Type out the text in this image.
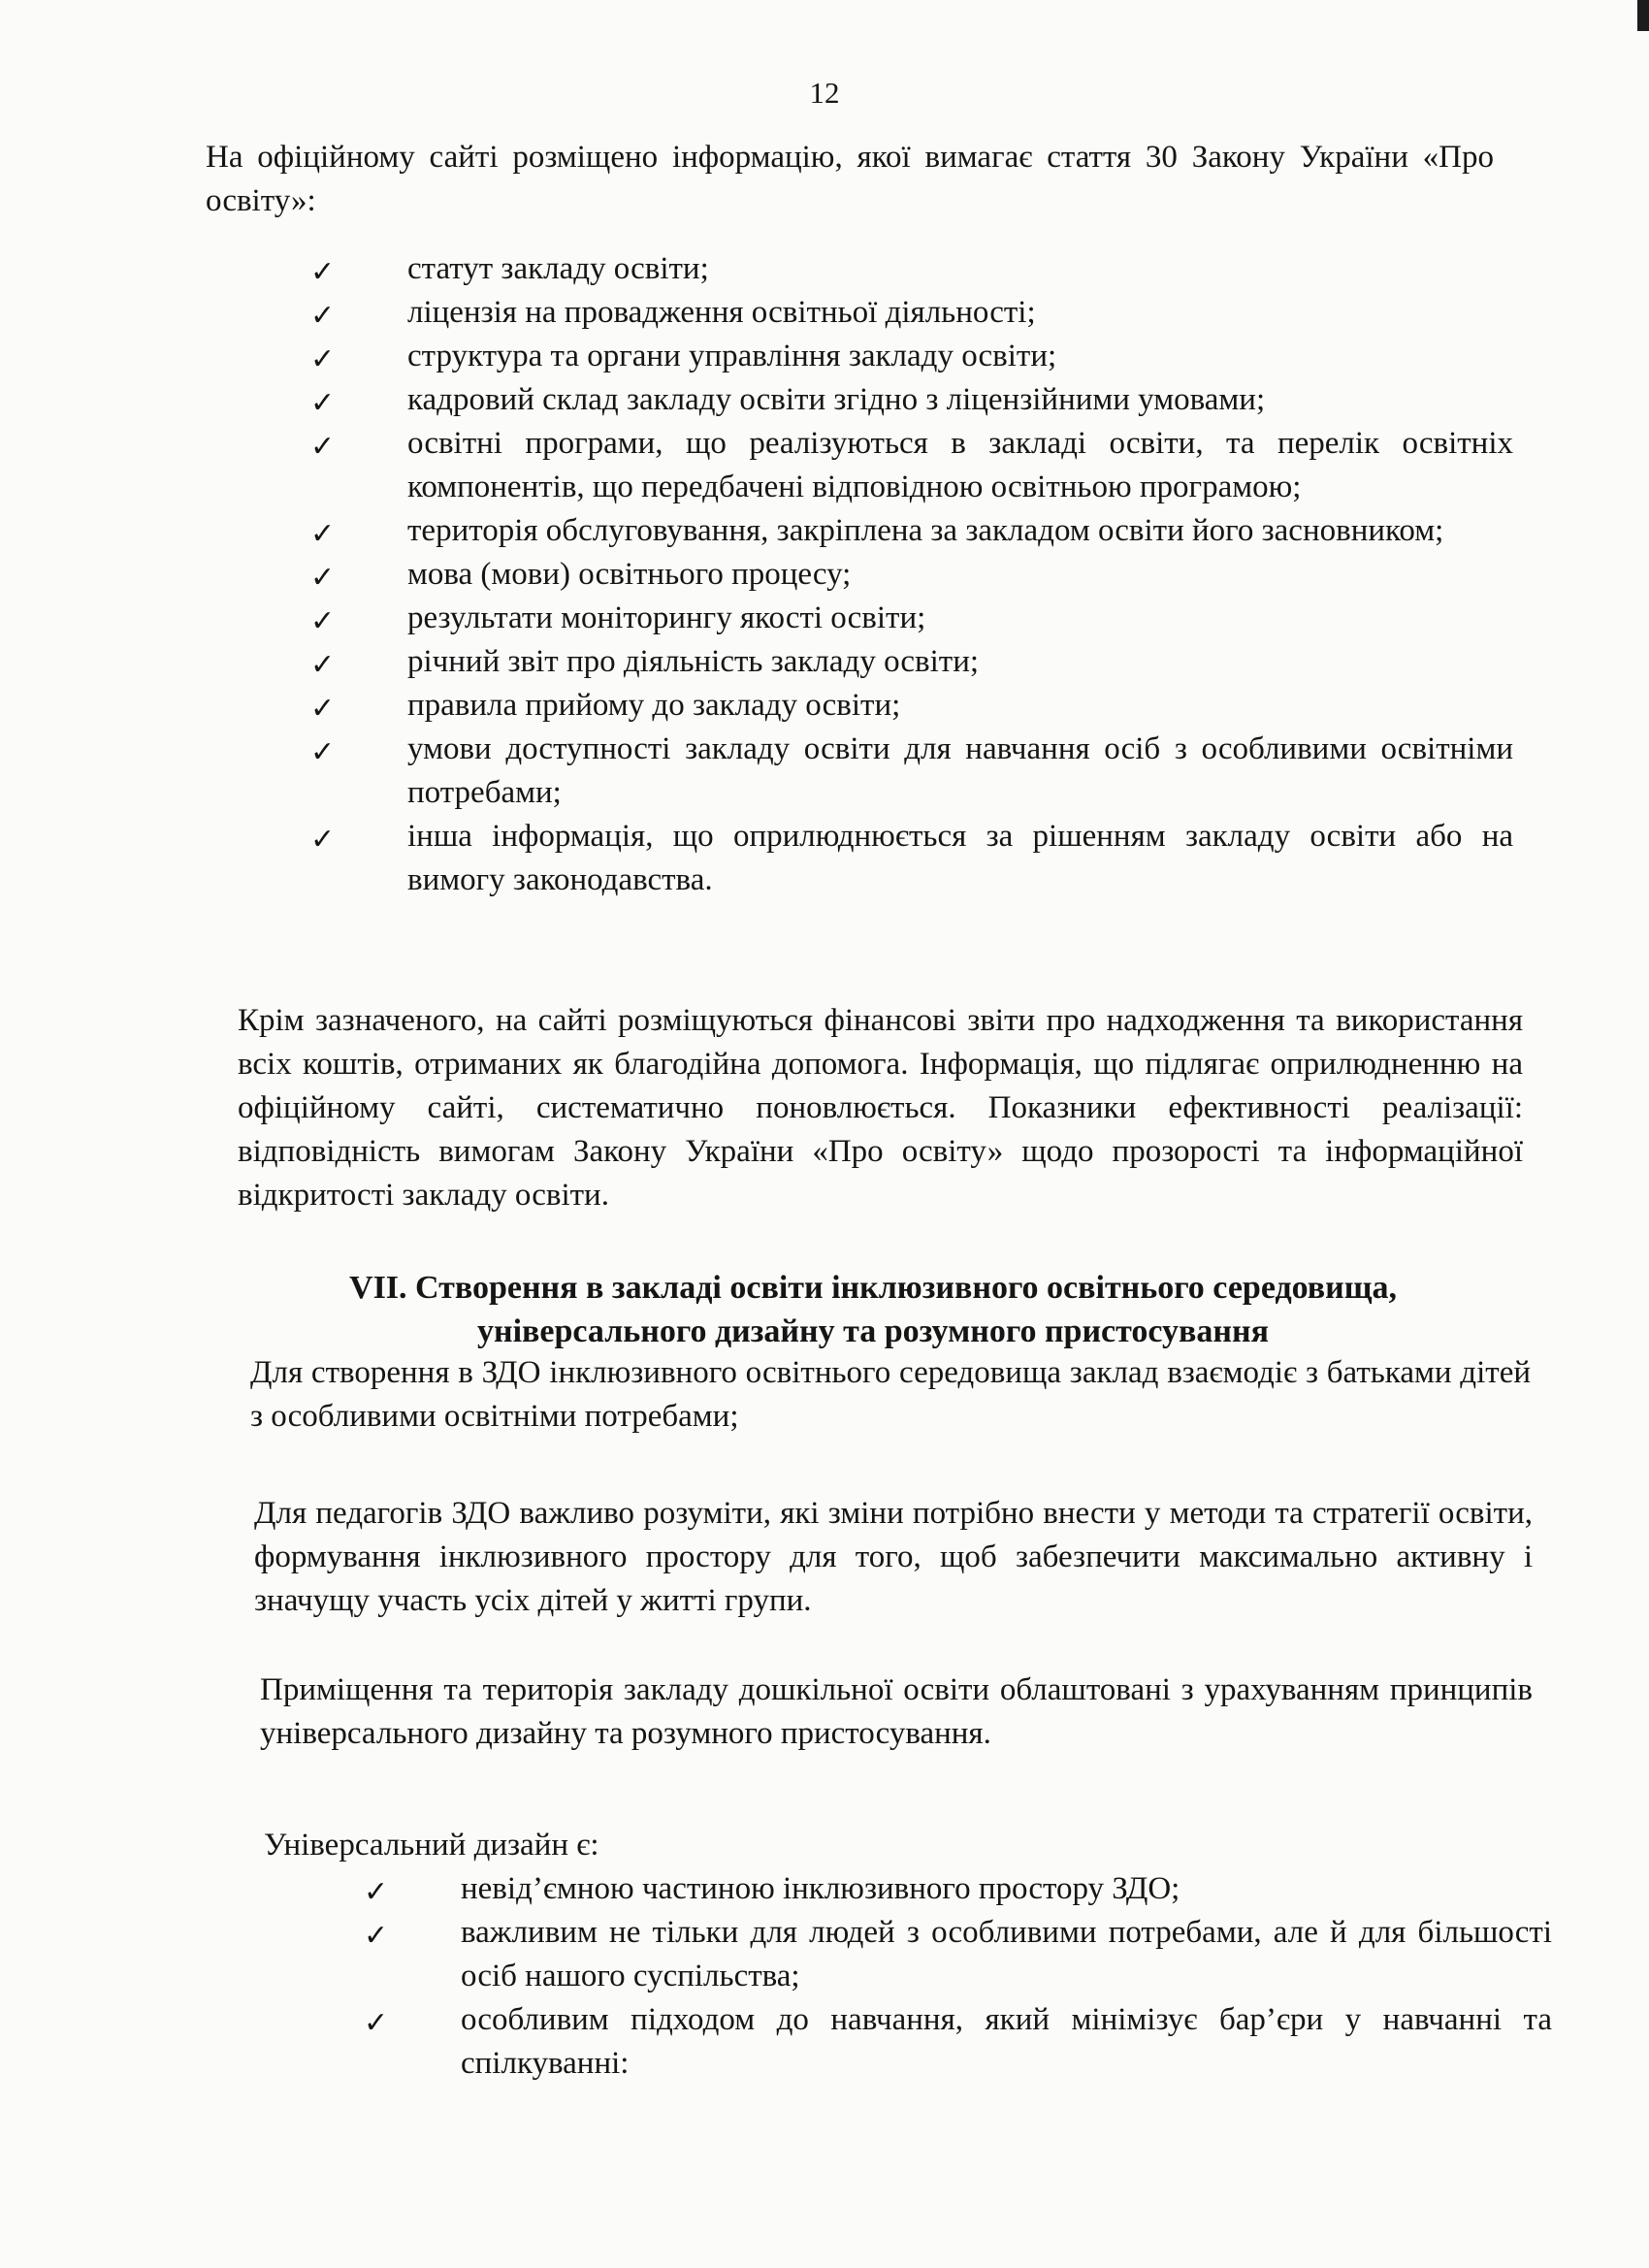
12
На офіційному сайті розміщено інформацію, якої вимагає стаття 30 Закону України «Про освіту»:
✓	статут закладу освіти;
✓	ліцензія на провадження освітньої діяльності;
✓	структура та органи управління закладу освіти;
✓	кадровий склад закладу освіти згідно з ліцензійними умовами;
✓	освітні програми, що реалізуються в закладі освіти, та перелік освітніх компонентів, що передбачені відповідною освітньою програмою;
✓	територія обслуговування, закріплена за закладом освіти його засновником;
✓	мова (мови) освітнього процесу;
✓	результати моніторингу якості освіти;
✓	річний звіт про діяльність закладу освіти;
✓	правила прийому до закладу освіти;
✓	умови доступності закладу освіти для навчання осіб з особливими освітніми потребами;
✓	інша інформація, що оприлюднюється за рішенням закладу освіти або на вимогу законодавства.
Крім зазначеного, на сайті розміщуються фінансові звіти про надходження та використання всіх коштів, отриманих як благодійна допомога. Інформація, що підлягає оприлюдненню на офіційному сайті, систематично поновлюється. Показники ефективності реалізації: відповідність вимогам Закону України «Про освіту» щодо прозорості та інформаційної відкритості закладу освіти.
VII. Створення в закладі освіти інклюзивного освітнього середовища,
універсального дизайну та розумного пристосування
Для створення в ЗДО інклюзивного освітнього середовища заклад взаємодіє з батьками дітей з особливими освітніми потребами;
Для педагогів ЗДО важливо розуміти, які зміни потрібно внести у методи та стратегії освіти, формування інклюзивного простору для того, щоб забезпечити максимально активну і значущу участь усіх дітей у житті групи.
Приміщення та територія закладу дошкільної освіти облаштовані з урахуванням принципів універсального дизайну та розумного пристосування.
Універсальний дизайн є:
✓	невід’ємною частиною інклюзивного простору ЗДО;
✓	важливим не тільки для людей з особливими потребами, але й для більшості осіб нашого суспільства;
✓	особливим підходом до навчання, який мінімізує бар’єри у навчанні та спілкуванні:
